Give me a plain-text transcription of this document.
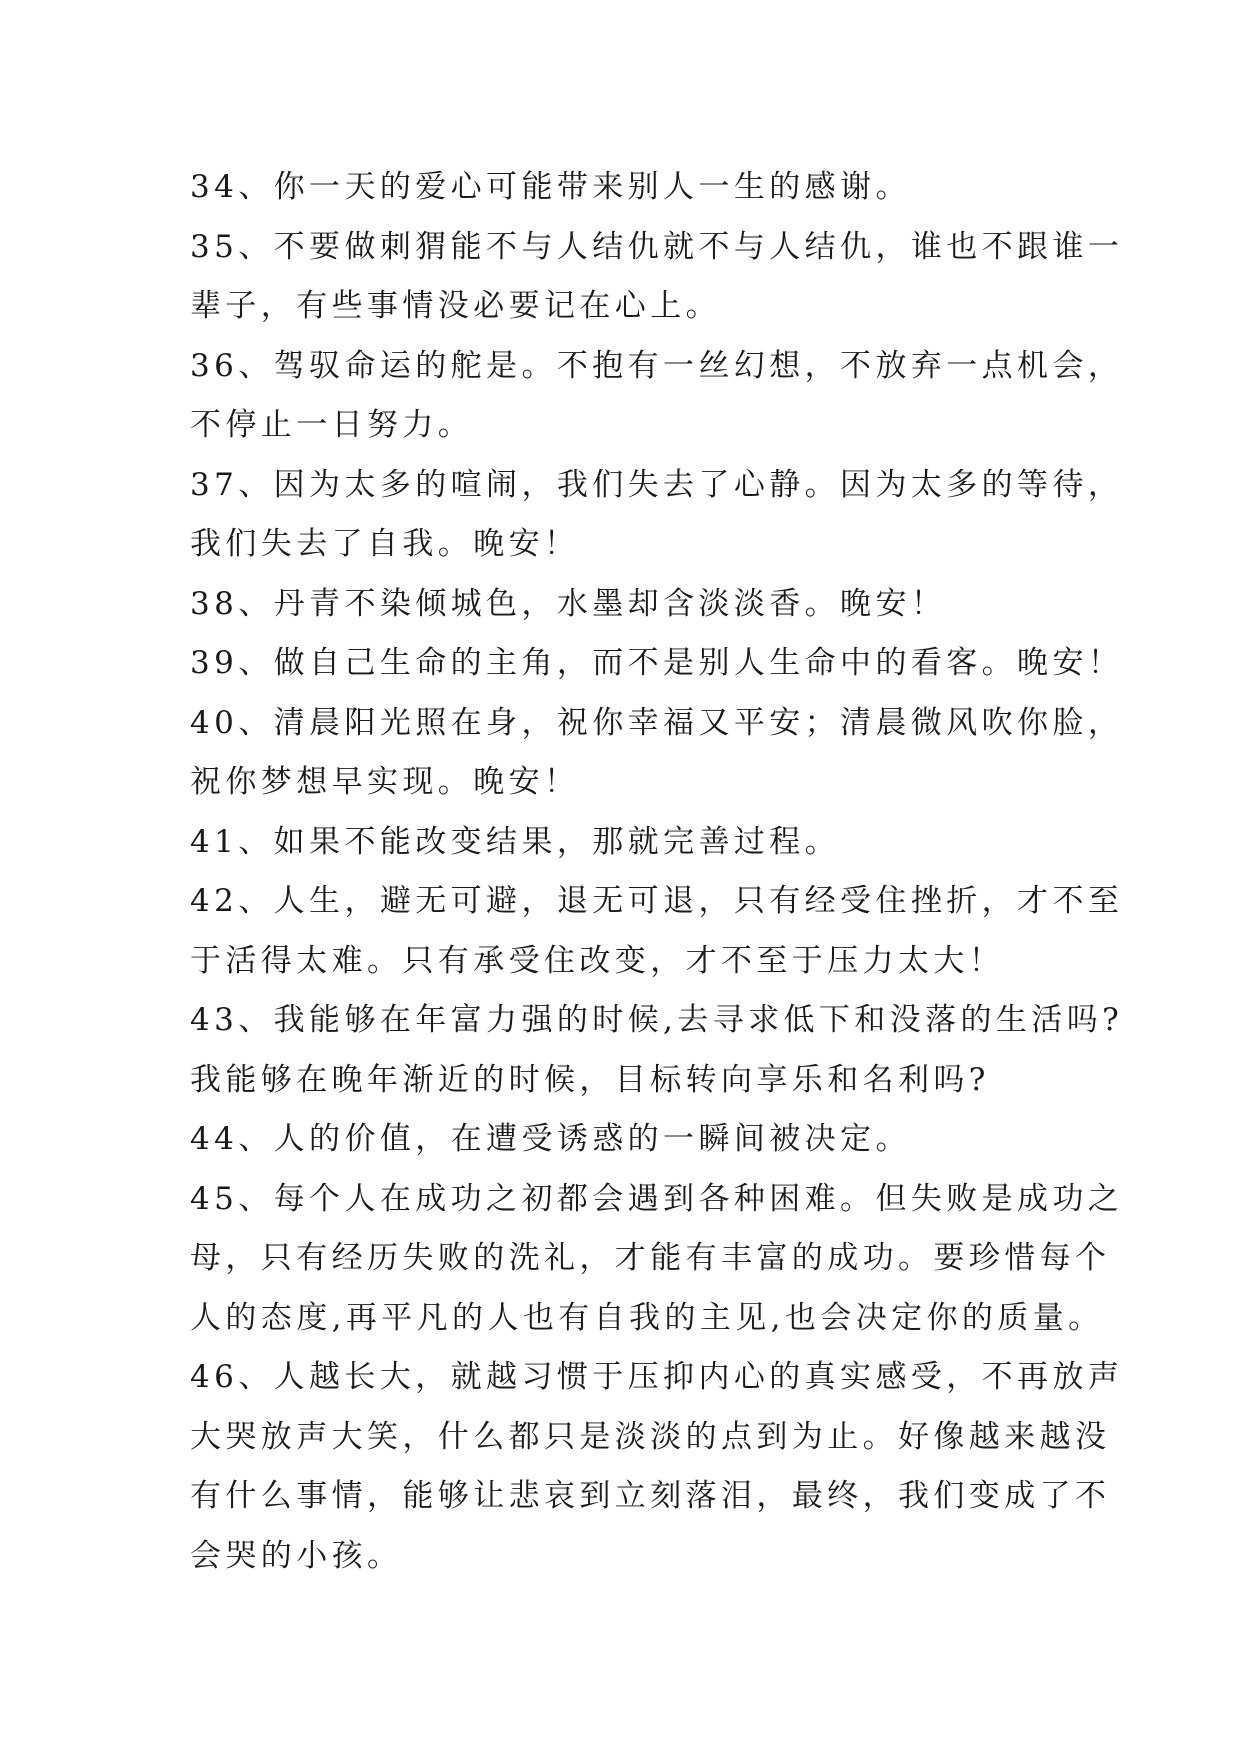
34、你一天的爱心可能带来别人一生的感谢。
35、不要做刺猬能不与人结仇就不与人结仇，谁也不跟谁一
辈子，有些事情没必要记在心上。
36、驾驭命运的舵是。不抱有一丝幻想，不放弃一点机会，
不停止一日努力。
37、因为太多的喧闹，我们失去了心静。因为太多的等待，
我们失去了自我。晚安！
38、丹青不染倾城色，水墨却含淡淡香。晚安！
39、做自己生命的主角，而不是别人生命中的看客。晚安！
40、清晨阳光照在身，祝你幸福又平安；清晨微风吹你脸，
祝你梦想早实现。晚安！
41、如果不能改变结果，那就完善过程。
42、人生，避无可避，退无可退，只有经受住挫折，才不至
于活得太难。只有承受住改变，才不至于压力太大！
43、我能够在年富力强的时候,去寻求低下和没落的生活吗?
我能够在晚年渐近的时候，目标转向享乐和名利吗?
44、人的价值，在遭受诱惑的一瞬间被决定。
45、每个人在成功之初都会遇到各种困难。但失败是成功之
母，只有经历失败的洗礼，才能有丰富的成功。要珍惜每个
人的态度,再平凡的人也有自我的主见,也会决定你的质量。
46、人越长大，就越习惯于压抑内心的真实感受，不再放声
大哭放声大笑，什么都只是淡淡的点到为止。好像越来越没
有什么事情，能够让悲哀到立刻落泪，最终，我们变成了不
会哭的小孩。
